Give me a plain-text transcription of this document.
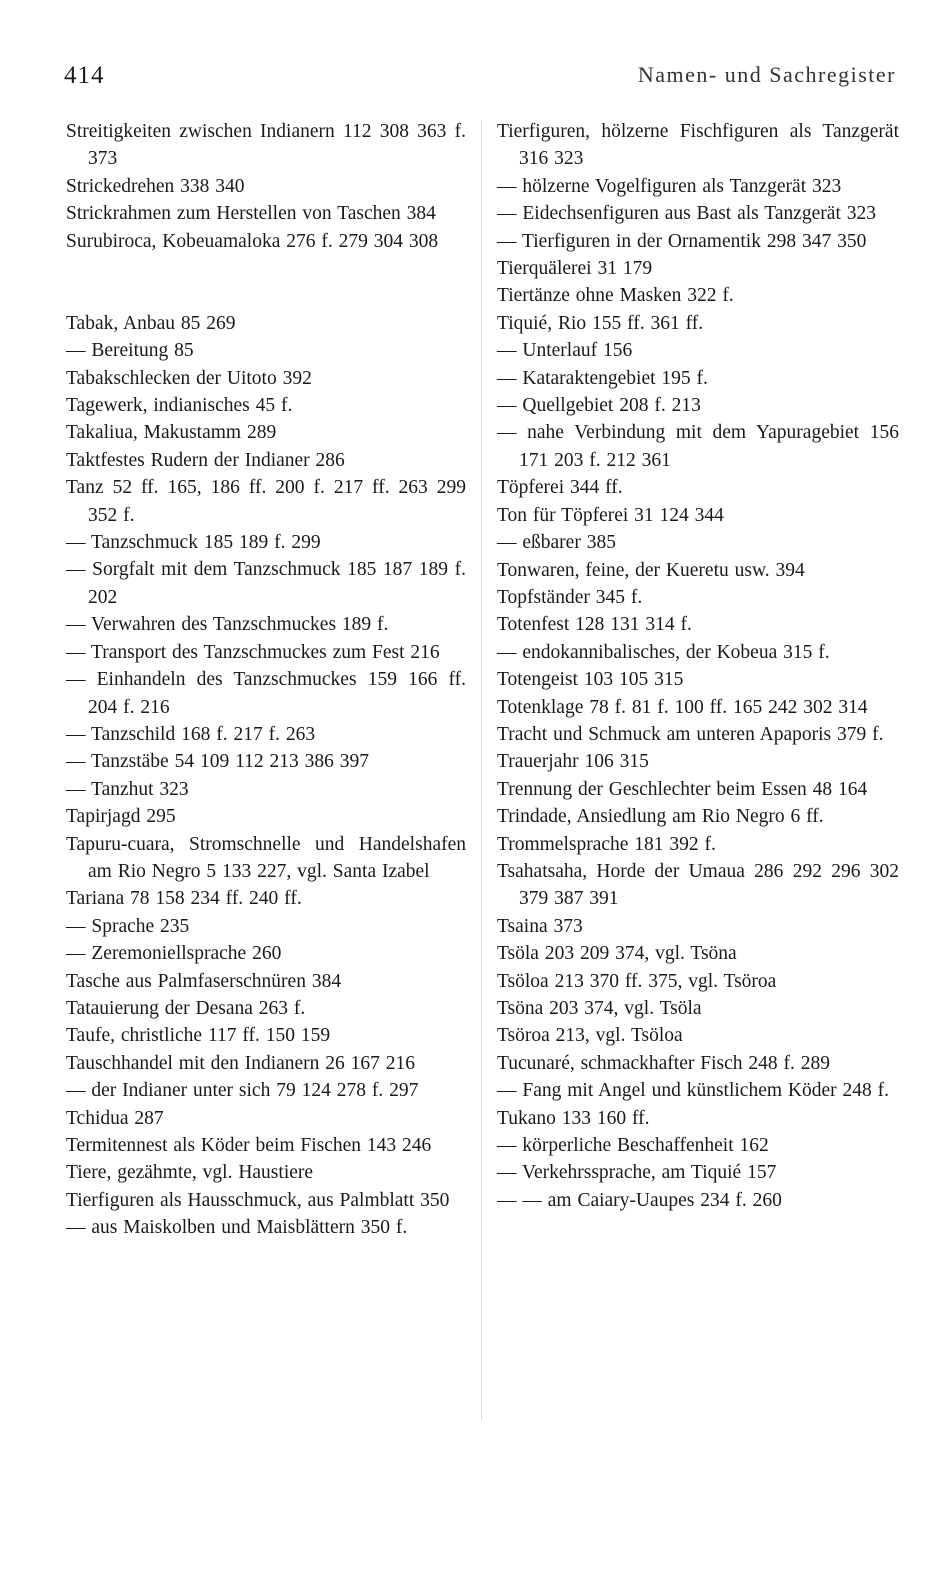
414	Namen- und Sachregister
Streitigkeiten zwischen Indianern 112 308 363 f. 373
Strickedrehen 338 340
Strickrahmen zum Herstellen von Taschen 384
Surubiroca, Kobeuamaloka 276 f. 279 304 308
Tabak, Anbau 85 269
— Bereitung 85
Tabakschlecken der Uitoto 392
Tagewerk, indianisches 45 f.
Takaliua, Makustamm 289
Taktfestes Rudern der Indianer 286
Tanz 52 ff. 165, 186 ff. 200 f. 217 ff. 263 299 352 f.
— Tanzschmuck 185 189 f. 299
— Sorgfalt mit dem Tanzschmuck 185 187 189 f. 202
— Verwahren des Tanzschmuckes 189 f.
— Transport des Tanzschmuckes zum Fest 216
— Einhandeln des Tanzschmuckes 159 166 ff. 204 f. 216
— Tanzschild 168 f. 217 f. 263
— Tanzstäbe 54 109 112 213 386 397
— Tanzhut 323
Tapirjagd 295
Tapuru-cuara, Stromschnelle und Handelshafen am Rio Negro 5 133 227, vgl. Santa Izabel
Tariana 78 158 234 ff. 240 ff.
— Sprache 235
— Zeremoniellsprache 260
Tasche aus Palmfaserschnüren 384
Tatauierung der Desana 263 f.
Taufe, christliche 117 ff. 150 159
Tauschhandel mit den Indianern 26 167 216
— der Indianer unter sich 79 124 278 f. 297
Tchidua 287
Termitennest als Köder beim Fischen 143 246
Tiere, gezähmte, vgl. Haustiere
Tierfiguren als Hausschmuck, aus Palmblatt 350
— aus Maiskolben und Maisblättern 350 f.
Tierfiguren, hölzerne Fischfiguren als Tanzgerät 316 323
— hölzerne Vogelfiguren als Tanzgerät 323
— Eidechsenfiguren aus Bast als Tanzgerät 323
— Tierfiguren in der Ornamentik 298 347 350
Tierquälerei 31 179
Tiertänze ohne Masken 322 f.
Tiquié, Rio 155 ff. 361 ff.
— Unterlauf 156
— Kataraktengebiet 195 f.
— Quellgebiet 208 f. 213
— nahe Verbindung mit dem Yapuragebiet 156 171 203 f. 212 361
Töpferei 344 ff.
Ton für Töpferei 31 124 344
— eßbarer 385
Tonwaren, feine, der Kueretu usw. 394
Topfständer 345 f.
Totenfest 128 131 314 f.
— endokannibalisches, der Kobeua 315 f.
Totengeist 103 105 315
Totenklage 78 f. 81 f. 100 ff. 165 242 302 314
Tracht und Schmuck am unteren Apaporis 379 f.
Trauerjahr 106 315
Trennung der Geschlechter beim Essen 48 164
Trindade, Ansiedlung am Rio Negro 6 ff.
Trommelsprache 181 392 f.
Tsahatsaha, Horde der Umaua 286 292 296 302 379 387 391
Tsaina 373
Tsöla 203 209 374, vgl. Tsöna
Tsöloa 213 370 ff. 375, vgl. Tsöroa
Tsöna 203 374, vgl. Tsöla
Tsöroa 213, vgl. Tsöloa
Tucunaré, schmackhafter Fisch 248 f. 289
— Fang mit Angel und künstlichem Köder 248 f.
Tukano 133 160 ff.
— körperliche Beschaffenheit 162
— Verkehrssprache, am Tiquié 157
— — am Caiary-Uaupes 234 f. 260
